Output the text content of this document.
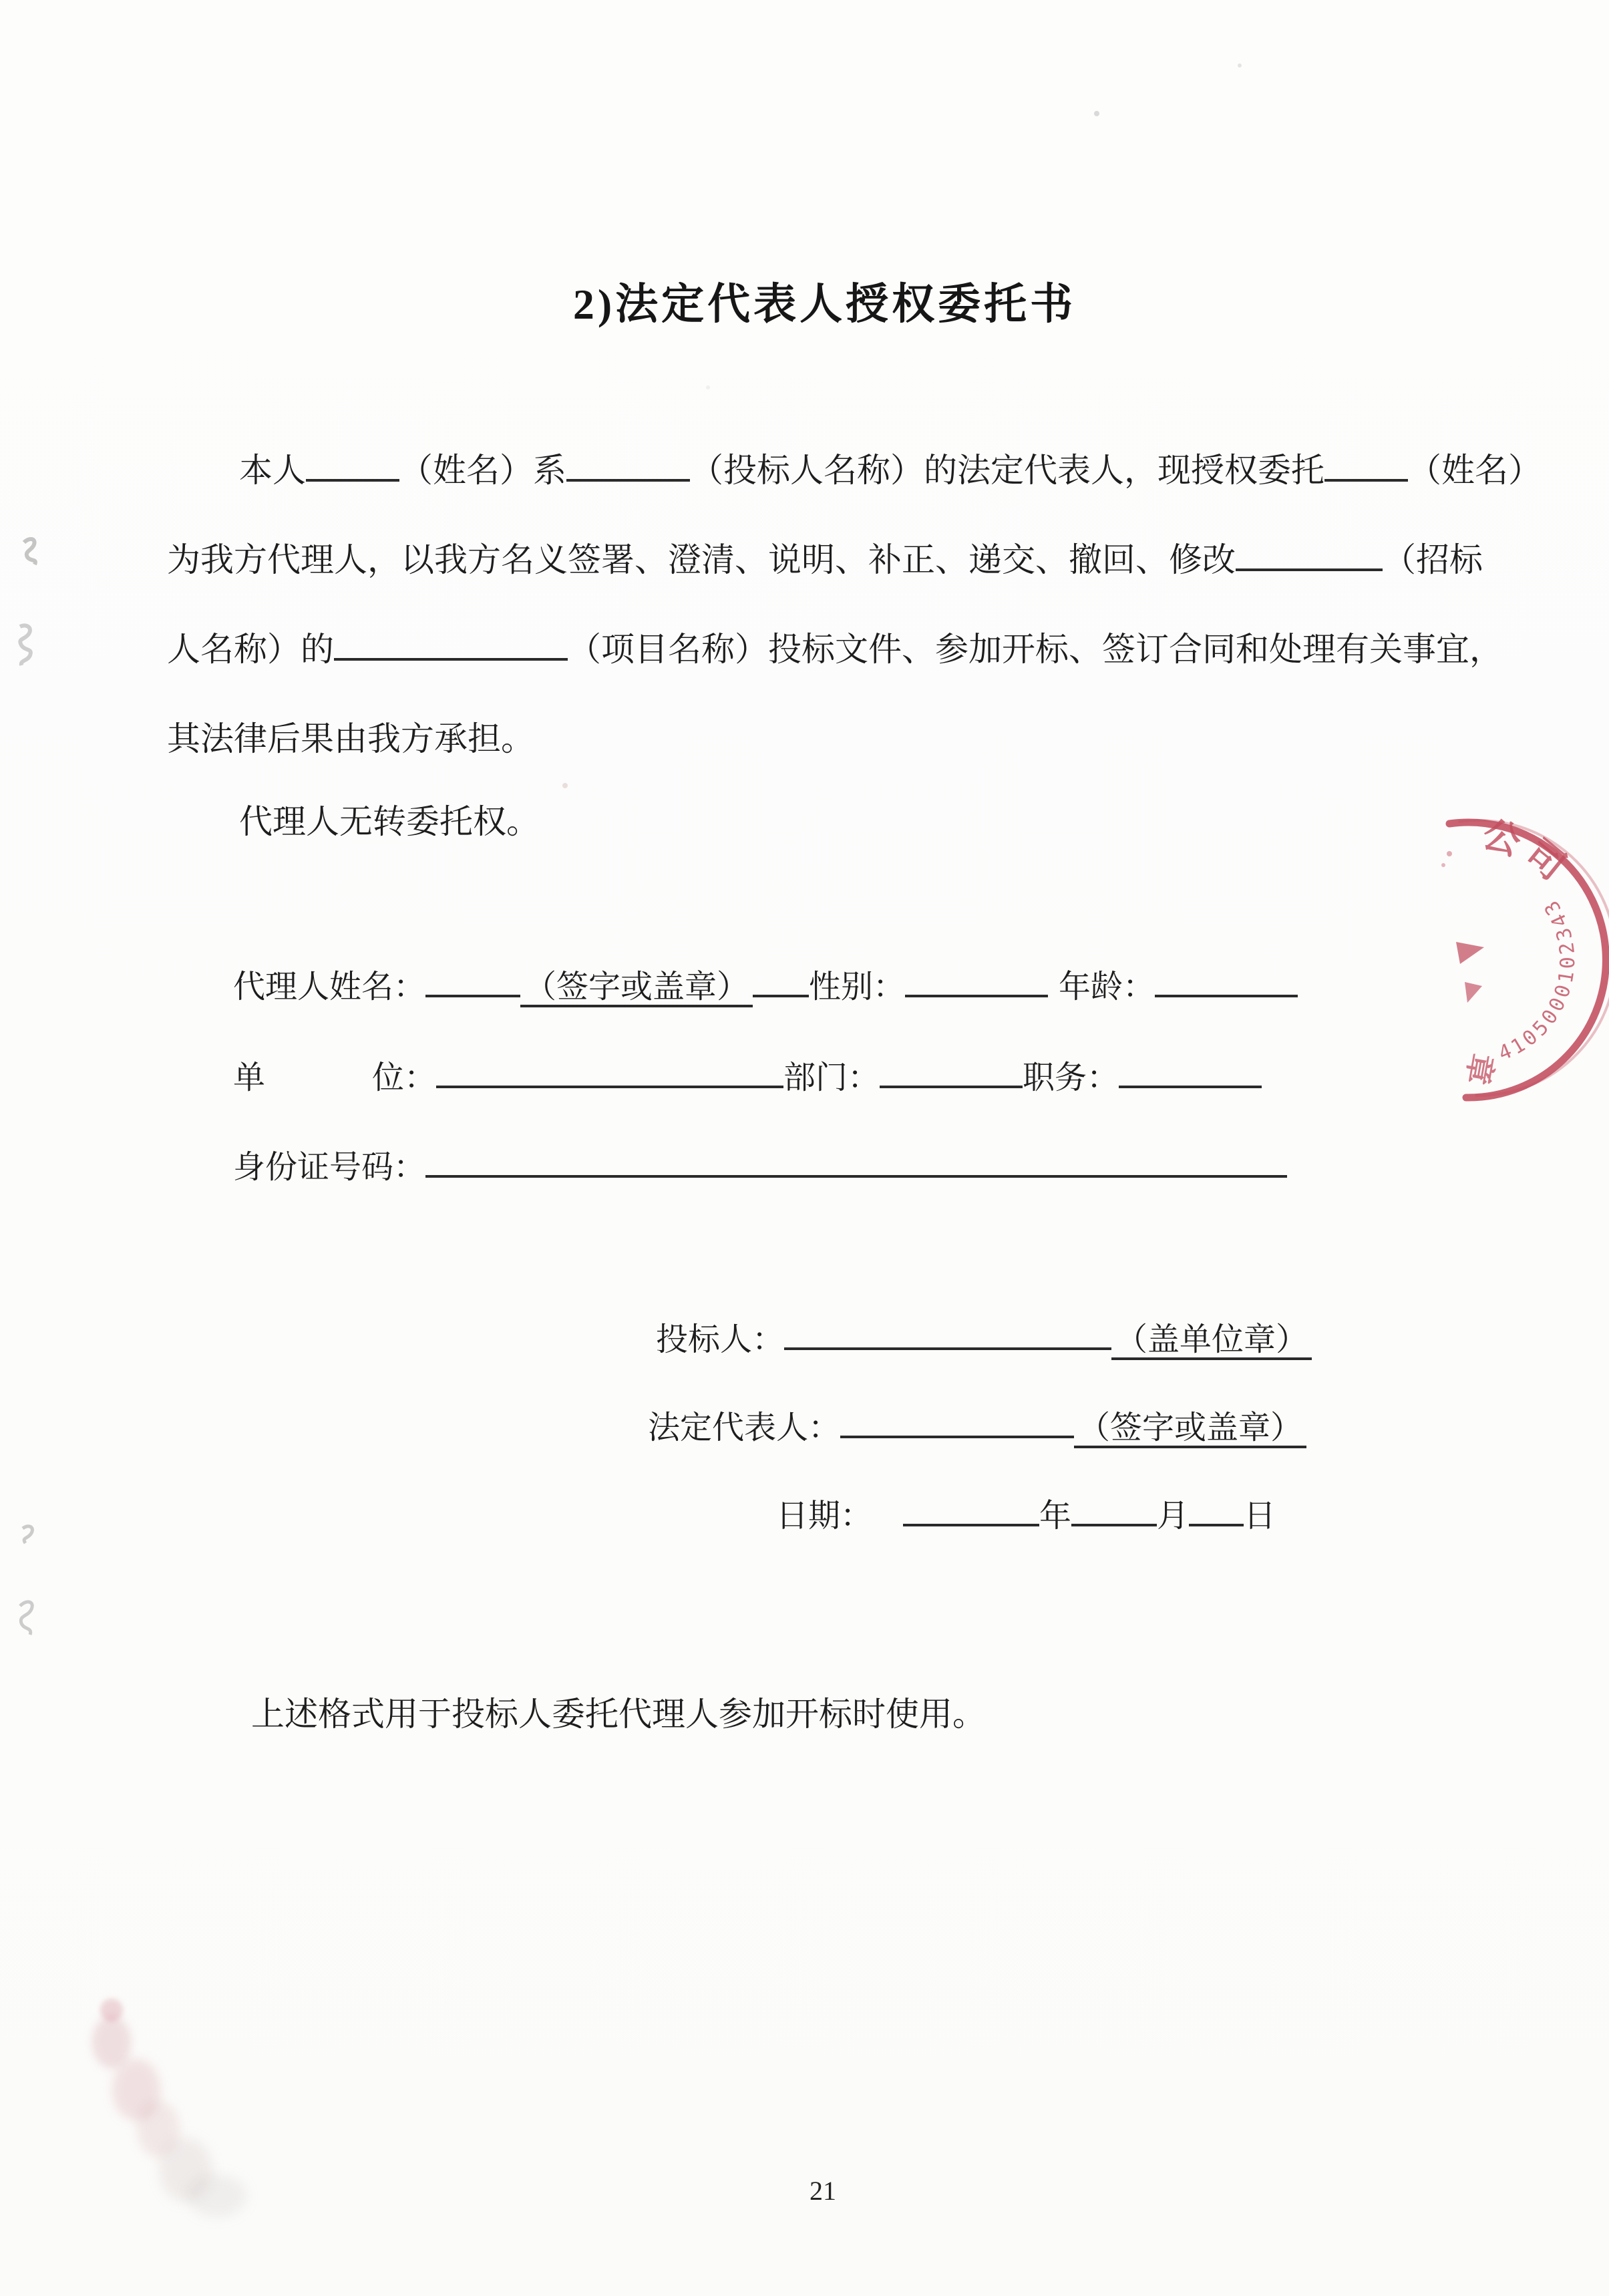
2)法定代表人授权委托书
本人	（姓名）系	（投标人名称）的法定代表人，现授权委托	（姓名）
为我方代理人，以我方名义签署、澄清、说明、补正、递交、撤回、修改	（招标
人名称）的	（项目名称）投标文件、参加开标、签订合同和处理有关事宜，
其法律后果由我方承担。
代理人无转委托权。
代理人姓名：	（签字或盖章） 性别：	年龄：
单	位：	部门：	职务：
身份证号码：
投标人：	（盖单位章）
法定代表人：	（签字或盖章）
日期：	年	月 日
上述格式用于投标人委托代理人参加开标时使用。
21
公司
4105000102343
章
